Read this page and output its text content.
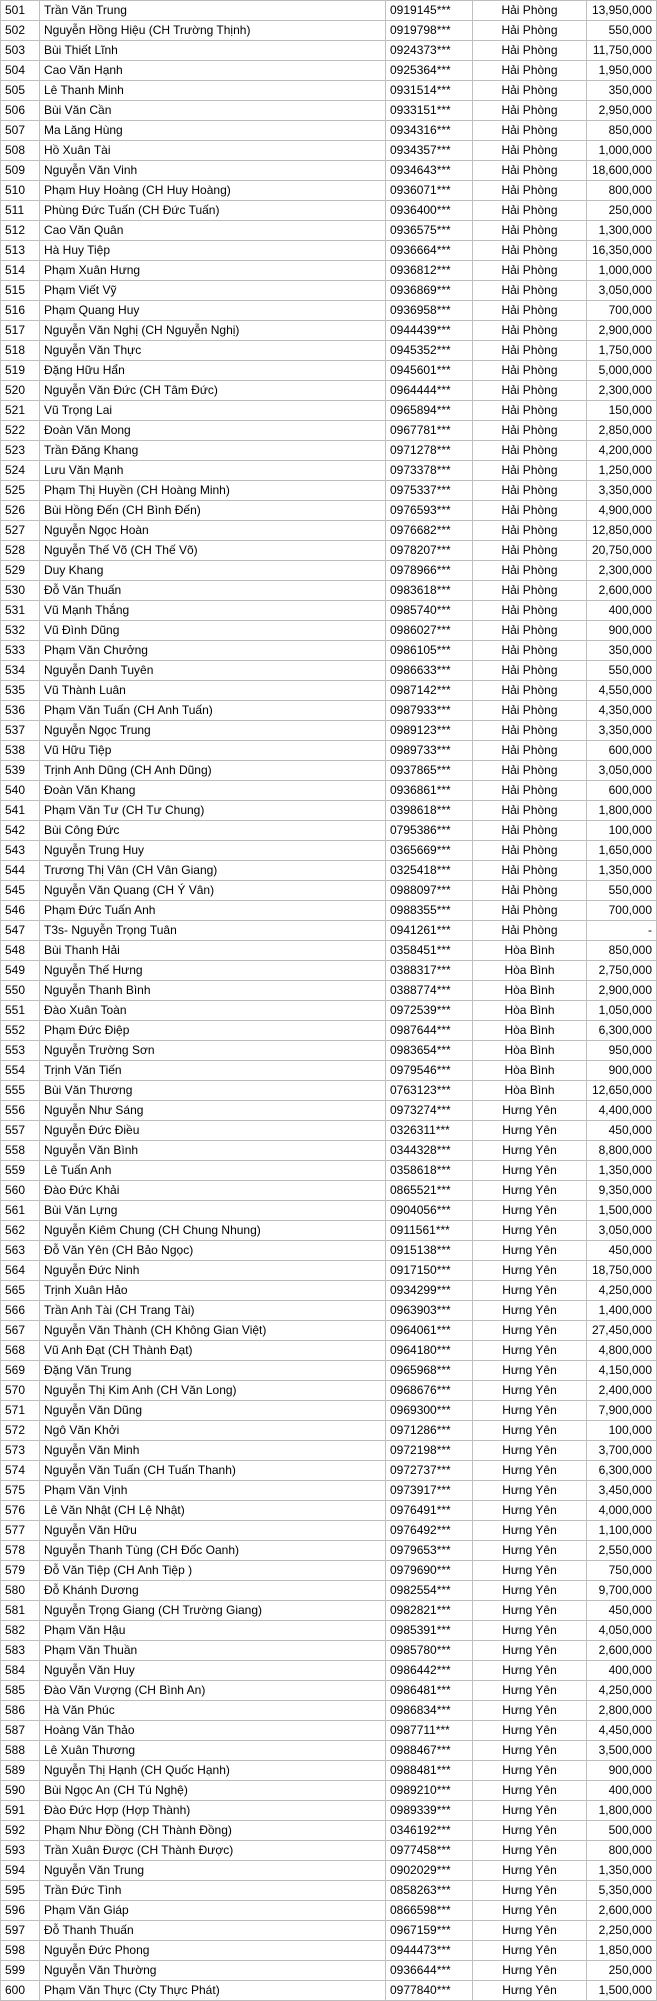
501	Trần Văn Trung	0919145***	Hải Phòng	13,950,000
502	Nguyễn Hồng Hiệu (CH Trường Thịnh)	0919798***	Hải Phòng	550,000
503	Bùi Thiết Lĩnh	0924373***	Hải Phòng	11,750,000
504	Cao Văn Hạnh	0925364***	Hải Phòng	1,950,000
505	Lê Thanh Minh	0931514***	Hải Phòng	350,000
506	Bùi Văn Cần	0933151***	Hải Phòng	2,950,000
507	Ma Lăng Hùng	0934316***	Hải Phòng	850,000
508	Hồ Xuân Tài	0934357***	Hải Phòng	1,000,000
509	Nguyễn Văn Vinh	0934643***	Hải Phòng	18,600,000
510	Phạm Huy Hoàng (CH Huy Hoàng)	0936071***	Hải Phòng	800,000
511	Phùng Đức Tuấn (CH Đức Tuấn)	0936400***	Hải Phòng	250,000
512	Cao Văn Quân	0936575***	Hải Phòng	1,300,000
513	Hà Huy Tiệp	0936664***	Hải Phòng	16,350,000
514	Phạm Xuân Hưng	0936812***	Hải Phòng	1,000,000
515	Phạm Viết Vỹ	0936869***	Hải Phòng	3,050,000
516	Phạm Quang Huy	0936958***	Hải Phòng	700,000
517	Nguyễn Văn Nghị (CH Nguyễn Nghị)	0944439***	Hải Phòng	2,900,000
518	Nguyễn Văn Thực	0945352***	Hải Phòng	1,750,000
519	Đặng Hữu Hẩn	0945601***	Hải Phòng	5,000,000
520	Nguyễn Văn Đức (CH Tâm Đức)	0964444***	Hải Phòng	2,300,000
521	Vũ Trọng Lai	0965894***	Hải Phòng	150,000
522	Đoàn Văn Mong	0967781***	Hải Phòng	2,850,000
523	Trần Đăng Khang	0971278***	Hải Phòng	4,200,000
524	Lưu Văn Mạnh	0973378***	Hải Phòng	1,250,000
525	Phạm Thị Huyền (CH Hoàng Minh)	0975337***	Hải Phòng	3,350,000
526	Bùi Hồng Đến (CH Bình Đến)	0976593***	Hải Phòng	4,900,000
527	Nguyễn Ngọc Hoàn	0976682***	Hải Phòng	12,850,000
528	Nguyễn Thế Võ (CH Thế Võ)	0978207***	Hải Phòng	20,750,000
529	Duy Khang	0978966***	Hải Phòng	2,300,000
530	Đỗ Văn Thuấn	0983618***	Hải Phòng	2,600,000
531	Vũ Mạnh Thắng	0985740***	Hải Phòng	400,000
532	Vũ Đình Dũng	0986027***	Hải Phòng	900,000
533	Phạm Văn Chưởng	0986105***	Hải Phòng	350,000
534	Nguyễn Danh Tuyên	0986633***	Hải Phòng	550,000
535	Vũ Thành Luân	0987142***	Hải Phòng	4,550,000
536	Phạm Văn Tuấn (CH Anh Tuấn)	0987933***	Hải Phòng	4,350,000
537	Nguyễn Ngọc Trung	0989123***	Hải Phòng	3,350,000
538	Vũ Hữu Tiệp	0989733***	Hải Phòng	600,000
539	Trịnh Anh Dũng (CH Anh Dũng)	0937865***	Hải Phòng	3,050,000
540	Đoàn Văn Khang	0936861***	Hải Phòng	600,000
541	Phạm Văn Tư (CH Tư Chung)	0398618***	Hải Phòng	1,800,000
542	Bùi Công Đức	0795386***	Hải Phòng	100,000
543	Nguyễn Trung Huy	0365669***	Hải Phòng	1,650,000
544	Trương Thị Vân (CH Vân Giang)	0325418***	Hải Phòng	1,350,000
545	Nguyễn Văn Quang (CH Ý Vân)	0988097***	Hải Phòng	550,000
546	Phạm Đức Tuấn Anh	0988355***	Hải Phòng	700,000
547	T3s- Nguyễn Trọng Tuân	0941261***	Hải Phòng	-
548	Bùi Thanh Hải	0358451***	Hòa Bình	850,000
549	Nguyễn Thế Hưng	0388317***	Hòa Bình	2,750,000
550	Nguyễn Thanh Bình	0388774***	Hòa Bình	2,900,000
551	Đào Xuân Toàn	0972539***	Hòa Bình	1,050,000
552	Phạm Đức Điệp	0987644***	Hòa Bình	6,300,000
553	Nguyễn Trường Sơn	0983654***	Hòa Bình	950,000
554	Trịnh Văn Tiến	0979546***	Hòa Bình	900,000
555	Bùi Văn Thương	0763123***	Hòa Bình	12,650,000
556	Nguyễn Như Sáng	0973274***	Hưng Yên	4,400,000
557	Nguyễn Đức Điều	0326311***	Hưng Yên	450,000
558	Nguyễn Văn Bình	0344328***	Hưng Yên	8,800,000
559	Lê Tuấn Anh	0358618***	Hưng Yên	1,350,000
560	Đào Đức Khải	0865521***	Hưng Yên	9,350,000
561	Bùi Văn Lựng	0904056***	Hưng Yên	1,500,000
562	Nguyễn Kiêm Chung (CH Chung Nhung)	0911561***	Hưng Yên	3,050,000
563	Đỗ Văn Yên (CH Bảo Ngọc)	0915138***	Hưng Yên	450,000
564	Nguyễn Đức Ninh	0917150***	Hưng Yên	18,750,000
565	Trịnh Xuân Hảo	0934299***	Hưng Yên	4,250,000
566	Trần Anh Tài (CH Trang Tài)	0963903***	Hưng Yên	1,400,000
567	Nguyễn Văn Thành (CH Không Gian Việt)	0964061***	Hưng Yên	27,450,000
568	Vũ Anh Đạt (CH Thành Đạt)	0964180***	Hưng Yên	4,800,000
569	Đặng Văn Trung	0965968***	Hưng Yên	4,150,000
570	Nguyễn Thị Kim Anh (CH Văn Long)	0968676***	Hưng Yên	2,400,000
571	Nguyễn Văn Dũng	0969300***	Hưng Yên	7,900,000
572	Ngô Văn Khởi	0971286***	Hưng Yên	100,000
573	Nguyễn Văn Minh	0972198***	Hưng Yên	3,700,000
574	Nguyễn Văn Tuấn (CH Tuấn Thanh)	0972737***	Hưng Yên	6,300,000
575	Phạm Văn Vịnh	0973917***	Hưng Yên	3,450,000
576	Lê Văn Nhật (CH Lệ Nhật)	0976491***	Hưng Yên	4,000,000
577	Nguyễn Văn Hữu	0976492***	Hưng Yên	1,100,000
578	Nguyễn Thanh Tùng (CH Đốc Oanh)	0979653***	Hưng Yên	2,550,000
579	Đỗ Văn Tiệp (CH Anh Tiệp )	0979690***	Hưng Yên	750,000
580	Đỗ Khánh Dương	0982554***	Hưng Yên	9,700,000
581	Nguyễn Trọng Giang (CH Trường Giang)	0982821***	Hưng Yên	450,000
582	Phạm Văn Hậu	0985391***	Hưng Yên	4,050,000
583	Phạm Văn Thuần	0985780***	Hưng Yên	2,600,000
584	Nguyễn Văn Huy	0986442***	Hưng Yên	400,000
585	Đào Văn Vượng (CH Bình An)	0986481***	Hưng Yên	4,250,000
586	Hà Văn Phúc	0986834***	Hưng Yên	2,800,000
587	Hoàng Văn Thảo	0987711***	Hưng Yên	4,450,000
588	Lê Xuân Thương	0988467***	Hưng Yên	3,500,000
589	Nguyễn Thị Hạnh (CH Quốc Hạnh)	0988481***	Hưng Yên	900,000
590	Bùi Ngọc An (CH Tú Nghệ)	0989210***	Hưng Yên	400,000
591	Đào Đức Hợp (Hợp Thành)	0989339***	Hưng Yên	1,800,000
592	Phạm Như Đồng (CH Thành Đồng)	0346192***	Hưng Yên	500,000
593	Trần Xuân Được (CH Thành Được)	0977458***	Hưng Yên	800,000
594	Nguyễn Văn Trung	0902029***	Hưng Yên	1,350,000
595	Trần Đức Tình	0858263***	Hưng Yên	5,350,000
596	Phạm Văn Giáp	0866598***	Hưng Yên	2,600,000
597	Đỗ Thanh Thuấn	0967159***	Hưng Yên	2,250,000
598	Nguyễn Đức Phong	0944473***	Hưng Yên	1,850,000
599	Nguyễn Văn Thường	0936644***	Hưng Yên	250,000
600	Phạm Văn Thực (Cty Thực Phát)	0977840***	Hưng Yên	1,500,000
